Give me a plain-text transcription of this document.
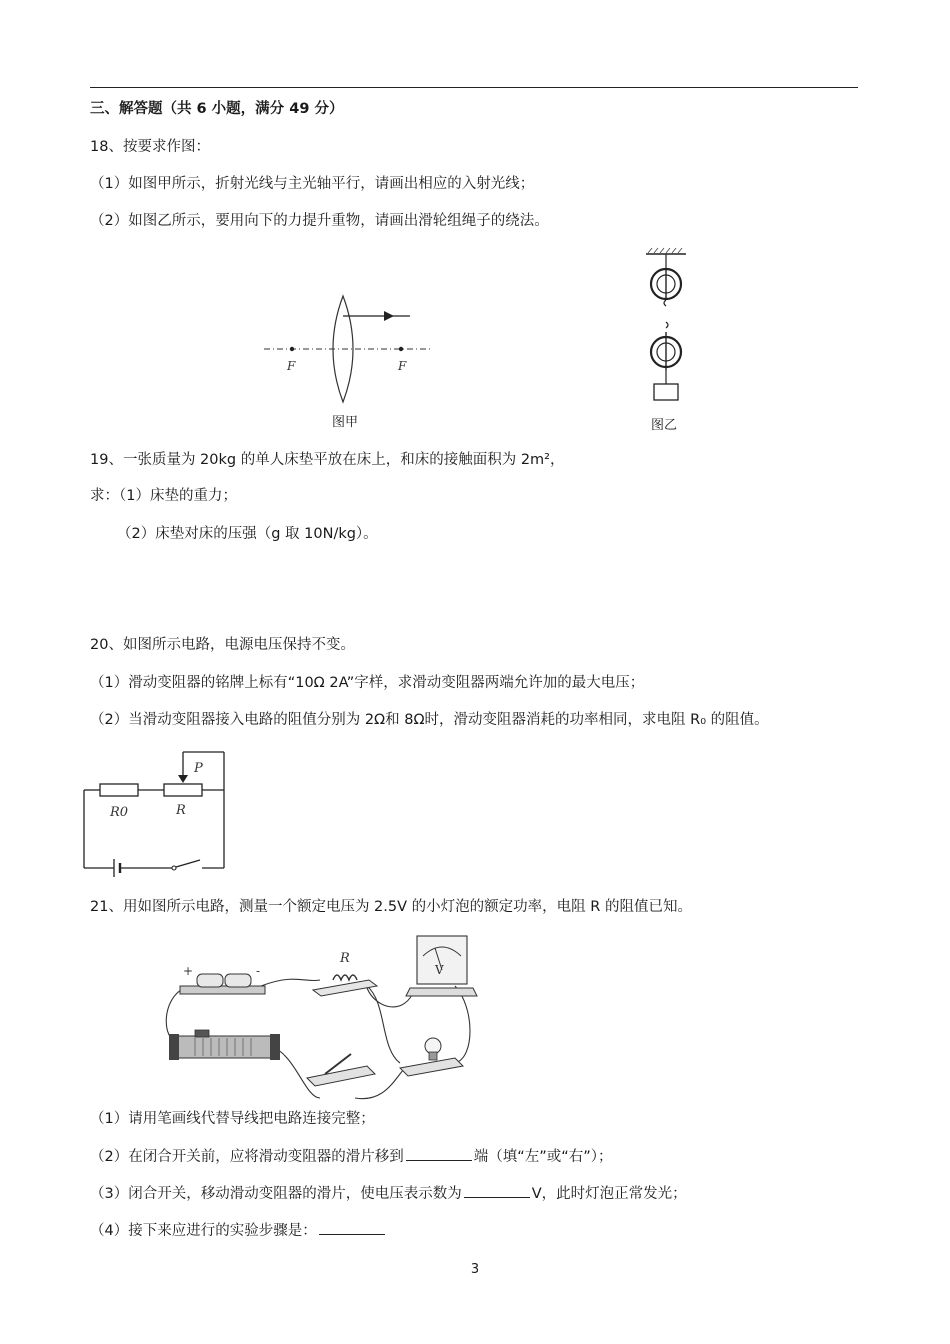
三、解答题（共 6 小题，满分 49 分）
18、按要求作图：
（1）如图甲所示，折射光线与主光轴平行，请画出相应的入射光线；
（2）如图乙所示，要用向下的力提升重物，请画出滑轮组绳子的绕法。
F	F
图甲	图乙
19、一张质量为 20kg 的单人床垫平放在床上，和床的接触面积为 2m²，
求：（1）床垫的重力；
（2）床垫对床的压强（g 取 10N/kg）。
20、如图所示电路，电源电压保持不变。
（1）滑动变阻器的铭牌上标有“10Ω 2A”字样，求滑动变阻器两端允许加的最大电压；
（2）当滑动变阻器接入电路的阻值分别为 2Ω和 8Ω时，滑动变阻器消耗的功率相同，求电阻 R₀ 的阻值。
R0	R
P
21、用如图所示电路，测量一个额定电压为 2.5V 的小灯泡的额定功率，电阻 R 的阻值已知。
+	-
R
V
（1）请用笔画线代替导线把电路连接完整；
（2）在闭合开关前，应将滑动变阻器的滑片移到	端（填“左”或“右”）；
（3）闭合开关，移动滑动变阻器的滑片，使电压表示数为	V，此时灯泡正常发光；
（4）接下来应进行的实验步骤是：
3
